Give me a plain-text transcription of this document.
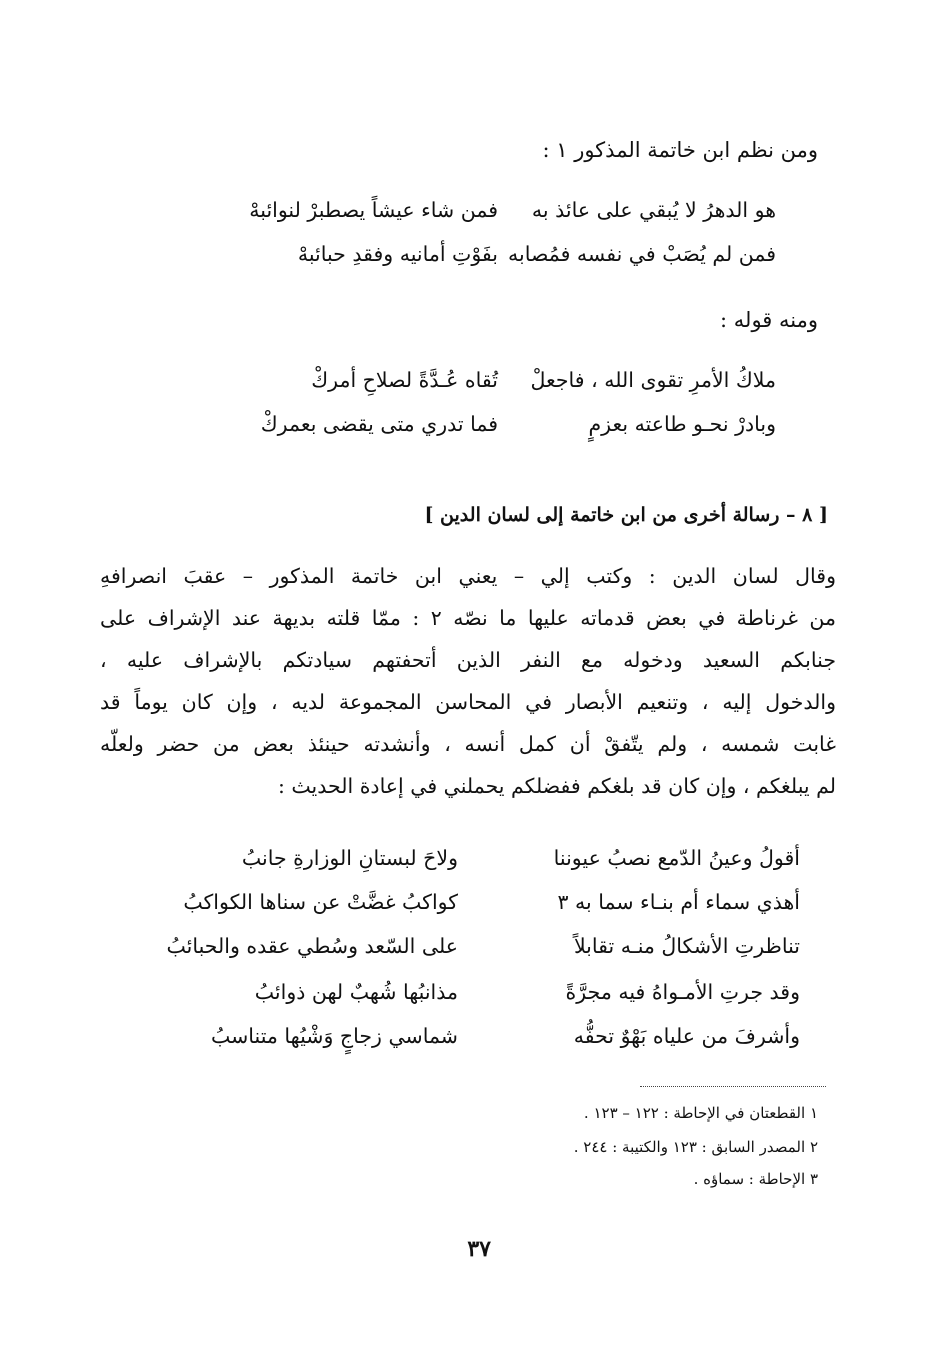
ومن نظم ابن خاتمة المذكور ١ :
هو الدهرُ لا يُبقي على عائذ به
فمن شاء عيشاً يصطبرْ لنوائبهْ
فمن لم يُصَبْ في نفسه فمُصابه
بفَوْتِ أمانيه وفقدِ حبائبهْ
ومنه قوله :
ملاكُ الأمرِ تقوى الله ، فاجعلْ
تُقاه عُـدَّةً لصلاحِ أمركْ
وبادرْ نحـو طاعته بعزمٍ
فما تدري متى يقضى بعمركْ
[ ٨ – رسالة أخرى من ابن خاتمة إلى لسان الدين ]
وقال لسان الدين : وكتب إلي – يعني ابن خاتمة المذكور – عقبَ انصرافهِ
من غرناطة في بعض قدماته عليها ما نصّه ٢ : ممّا قلته بديهة عند الإشراف على
جنابكم السعيد ودخوله مع النفر الذين أتحفتهم سيادتكم بالإشراف عليه ،
والدخول إليه ، وتنعيم الأبصار في المحاسن المجموعة لديه ، وإن كان يوماً قد
غابت شمسه ، ولم يتّفقْ أن كمل أنسه ، وأنشدته حينئذ بعض من حضر ولعلّه
لم يبلغكم ، وإن كان قد بلغكم ففضلكم يحملني في إعادة الحديث :
أقولُ وعينُ الدّمع نصبُ عيوننا
ولاحَ لبستانِ الوزارةِ جانبُ
أهذي سماء أم بنـاء سما به ٣
كواكبُ غضَّتْ عن سناها الكواكبُ
تناظرتِ الأشكالُ منـه تقابلاً
على السّعد وسُطي عقده والحبائبُ
وقد جرتِ الأمـواهُ فيه مجرَّةً
مذانبُها شُهبٌ لهن ذوائبُ
وأشرفَ من علياه بَهْوٌ تحفُّه
شماسي زجاجٍ وَشْيُها متناسبُ
١ القطعتان في الإحاطة : ١٢٢ – ١٢٣ .
٢ المصدر السابق : ١٢٣ والكتيبة : ٢٤٤ .
٣ الإحاطة : سماؤه .
٣٧
